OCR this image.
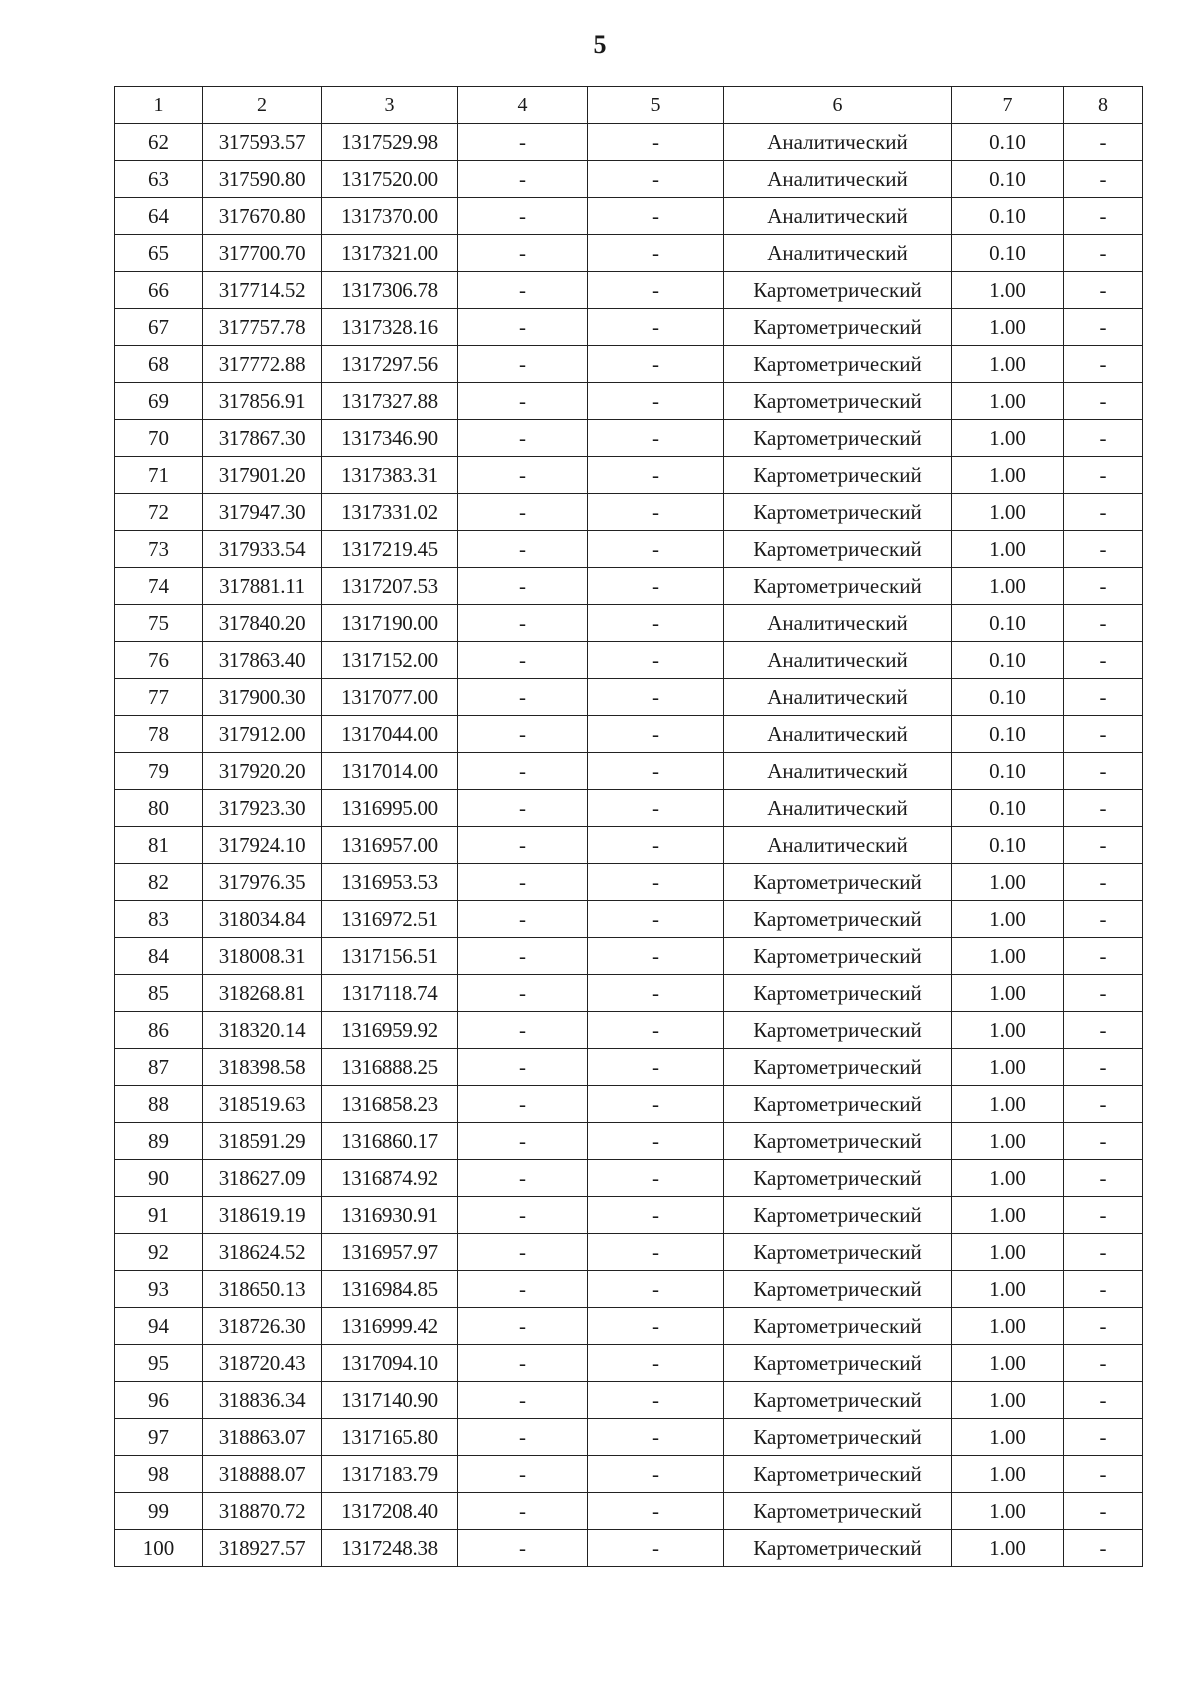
5
1	2	3	4	5	6	7	8
62	317593.57	1317529.98	-	-	Аналитический	0.10	-
63	317590.80	1317520.00	-	-	Аналитический	0.10	-
64	317670.80	1317370.00	-	-	Аналитический	0.10	-
65	317700.70	1317321.00	-	-	Аналитический	0.10	-
66	317714.52	1317306.78	-	-	Картометрический	1.00	-
67	317757.78	1317328.16	-	-	Картометрический	1.00	-
68	317772.88	1317297.56	-	-	Картометрический	1.00	-
69	317856.91	1317327.88	-	-	Картометрический	1.00	-
70	317867.30	1317346.90	-	-	Картометрический	1.00	-
71	317901.20	1317383.31	-	-	Картометрический	1.00	-
72	317947.30	1317331.02	-	-	Картометрический	1.00	-
73	317933.54	1317219.45	-	-	Картометрический	1.00	-
74	317881.11	1317207.53	-	-	Картометрический	1.00	-
75	317840.20	1317190.00	-	-	Аналитический	0.10	-
76	317863.40	1317152.00	-	-	Аналитический	0.10	-
77	317900.30	1317077.00	-	-	Аналитический	0.10	-
78	317912.00	1317044.00	-	-	Аналитический	0.10	-
79	317920.20	1317014.00	-	-	Аналитический	0.10	-
80	317923.30	1316995.00	-	-	Аналитический	0.10	-
81	317924.10	1316957.00	-	-	Аналитический	0.10	-
82	317976.35	1316953.53	-	-	Картометрический	1.00	-
83	318034.84	1316972.51	-	-	Картометрический	1.00	-
84	318008.31	1317156.51	-	-	Картометрический	1.00	-
85	318268.81	1317118.74	-	-	Картометрический	1.00	-
86	318320.14	1316959.92	-	-	Картометрический	1.00	-
87	318398.58	1316888.25	-	-	Картометрический	1.00	-
88	318519.63	1316858.23	-	-	Картометрический	1.00	-
89	318591.29	1316860.17	-	-	Картометрический	1.00	-
90	318627.09	1316874.92	-	-	Картометрический	1.00	-
91	318619.19	1316930.91	-	-	Картометрический	1.00	-
92	318624.52	1316957.97	-	-	Картометрический	1.00	-
93	318650.13	1316984.85	-	-	Картометрический	1.00	-
94	318726.30	1316999.42	-	-	Картометрический	1.00	-
95	318720.43	1317094.10	-	-	Картометрический	1.00	-
96	318836.34	1317140.90	-	-	Картометрический	1.00	-
97	318863.07	1317165.80	-	-	Картометрический	1.00	-
98	318888.07	1317183.79	-	-	Картометрический	1.00	-
99	318870.72	1317208.40	-	-	Картометрический	1.00	-
100	318927.57	1317248.38	-	-	Картометрический	1.00	-
